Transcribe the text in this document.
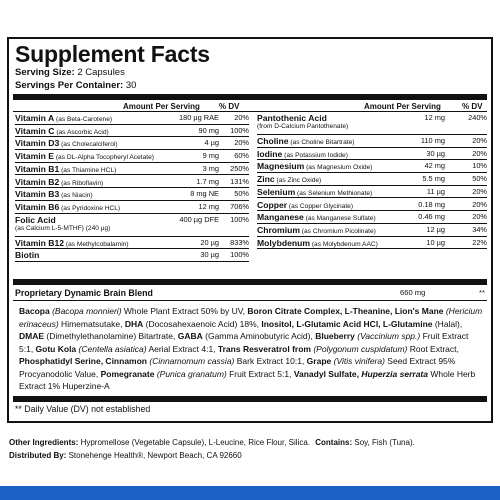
Supplement Facts
Serving Size: 2 Capsules
Servings Per Container: 30
Amount Per Serving % DV	Amount Per Serving	% DV
Vitamin A (as Beta-Carotene)	180 µg RAE 20%
Vitamin C (as Ascorbic Acid)	90 mg 100%
Vitamin D3 (as Cholecalciferol)	4 µg 20%
Vitamin E (as DL-Alpha Tocopheryl Acetate)	9 mg 60%
Vitamin B1 (as Thiamine HCL)	3 mg 250%
Vitamin B2 (as Riboflavin)	1.7 mg 131%
Vitamin B3 (as Niacin)	8 mg NE 50%
Vitamin B6 (as Pyridoxine HCL)	12 mg 706%
Folic Acid
(as Calcium L-5-MTHF) (240 µg)
400 µg DFE 100%
Vitamin B12 (as Methylcobalamin)	20 µg 833%
Biotin	30 µg 100%
Pantothenic Acid
(from D-Calcium Pantothenate)
12 mg	240%
Choline (as Choline Bitartrate)	110 mg	20%
Iodine (as Potassium Iodide)	30 µg	20%
Magnesium (as Magnesium Oxide)	42 mg	10%
Zinc (as Zinc Oxide)	5.5 mg	50%
Selenium (as Selenium Methionate)	11 µg	20%
Copper (as Copper Glycinate)	0.18 mg	20%
Manganese (as Manganese Sulfate)	0.46 mg	20%
Chromium (as Chromium Picolinate)	12 µg	34%
Molybdenum (as Molybdenum AAC)	10 µg	22%
Proprietary Dynamic Brain Blend	660 mg	**
Bacopa (Bacopa monnieri) Whole Plant Extract 50% by UV, Boron Citrate Complex, L-Theanine, Lion's Mane (Hericium erinaceus) Himematsutake, DHA (Docosahexaenoic Acid) 18%, Inositol, L-Glutamic Acid HCl, L-Glutamine (Halal), DMAE (Dimethylethanolamine) Bitartrate, GABA (Gamma Aminobutyric Acid), Blueberry (Vaccinium spp.) Fruit Extract 5:1, Gotu Kola (Centella asiatica) Aerial Extract 4:1, Trans Resveratrol from (Polygonum cuspidatum) Root Extract, Phosphatidyl Serine, Cinnamon (Cinnamomum cassia) Bark Extract 10:1, Grape (Vitis vinifera) Seed Extract 95% Procyanodolic Value, Pomegranate (Punica granatum) Fruit Extract 5:1, Vanadyl Sulfate, Huperzia serrata Whole Herb Extract 1% Huperzine-A
** Daily Value (DV) not established
Other Ingredients: Hypromellose (Vegetable Capsule), L-Leucine, Rice Flour, Silica. Contains: Soy, Fish (Tuna).
Distributed By: Stonehenge Health®, Newport Beach, CA 92660
